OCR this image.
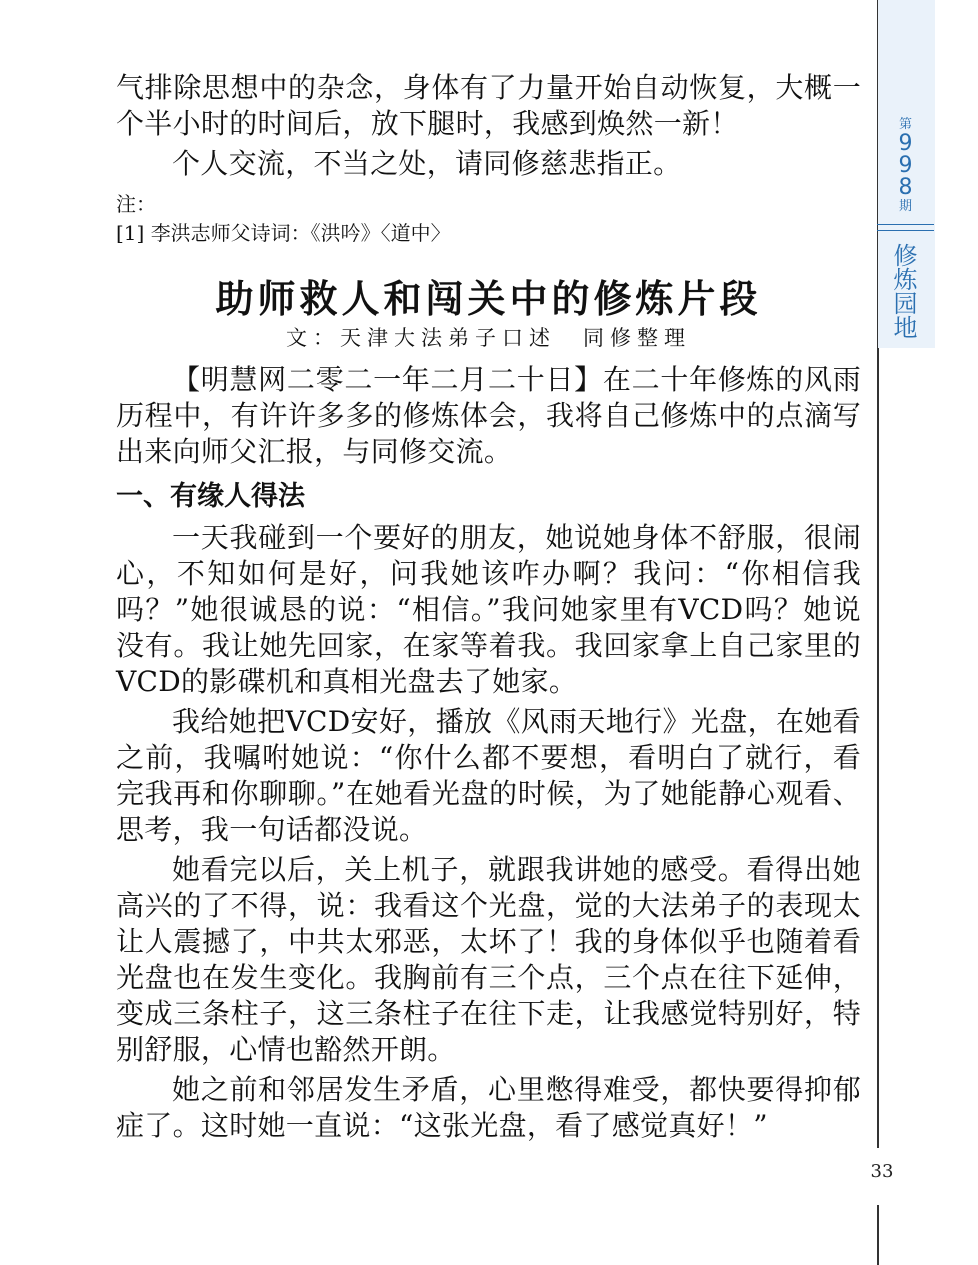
气排除思想中的杂念，身体有了力量开始自动恢复，大概一个半小时的时间后，放下腿时，我感到焕然一新！

个人交流，不当之处，请同修慈悲指正。

注：

[1] 李洪志师父诗词：《洪吟》〈道中〉

助师救人和闯关中的修炼片段

文：天津大法弟子口述　同修整理

【明慧网二零二一年二月二十日】在二十年修炼的风雨历程中，有许许多多的修炼体会，我将自己修炼中的点滴写出来向师父汇报，与同修交流。

一、有缘人得法

一天我碰到一个要好的朋友，她说她身体不舒服，很闹心，不知如何是好，问我她该咋办啊？我问：“你相信我吗？”她很诚恳的说：“相信。”我问她家里有VCD吗？她说没有。我让她先回家，在家等着我。我回家拿上自己家里的VCD的影碟机和真相光盘去了她家。

我给她把VCD安好，播放《风雨天地行》光盘，在她看之前，我嘱咐她说：“你什么都不要想，看明白了就行，看完我再和你聊聊。”在她看光盘的时候，为了她能静心观看、思考，我一句话都没说。

她看完以后，关上机子，就跟我讲她的感受。看得出她高兴的了不得，说：我看这个光盘，觉的大法弟子的表现太让人震撼了，中共太邪恶，太坏了！我的身体似乎也随着看光盘也在发生变化。我胸前有三个点，三个点在往下延伸，变成三条柱子，这三条柱子在往下走，让我感觉特别好，特别舒服，心情也豁然开朗。

她之前和邻居发生矛盾，心里憋得难受，都快要得抑郁症了。这时她一直说：“这张光盘，看了感觉真好！”

第
9
9
8
期
修
炼
园
地
33
